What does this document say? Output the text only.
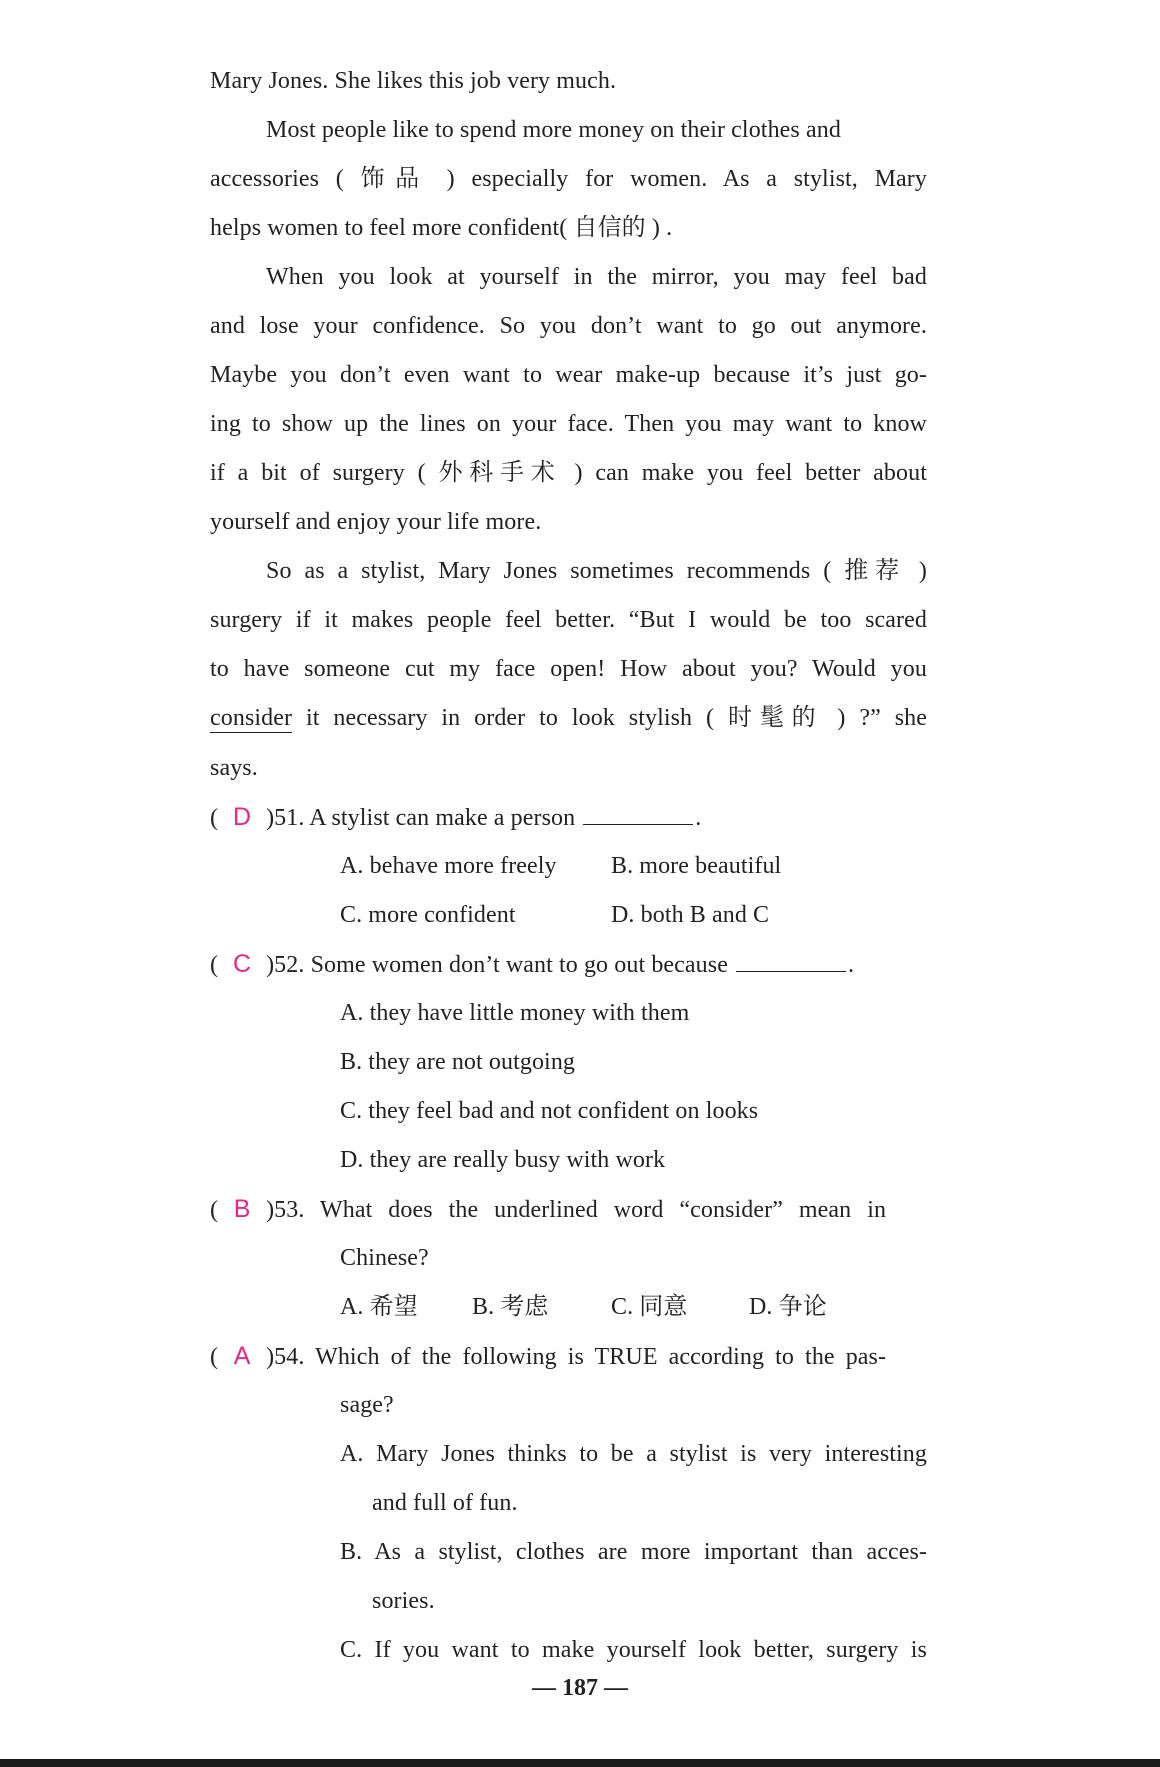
Mary Jones. She likes this job very much.
Most people like to spend more money on their clothes and
accessories ( 饰品 ) especially for women. As a stylist, Mary
helps women to feel more confident( 自信的 ) .
When you look at yourself in the mirror, you may feel bad
and lose your confidence. So you don’t want to go out anymore.
Maybe you don’t even want to wear make-up because it’s just go-
ing to show up the lines on your face. Then you may want to know
if a bit of surgery ( 外科手术 ) can make you feel better about
yourself and enjoy your life more.
So as a stylist, Mary Jones sometimes recommends ( 推荐 )
surgery if it makes people feel better. “But I would be too scared
to have someone cut my face open! How about you? Would you
consider it necessary in order to look stylish ( 时髦的 ) ?” she
says.
( D )51. A stylist can make a person	.
A. behave more freely B. more beautiful
C. more confident	D. both B and C
( C )52. Some women don’t want to go out because	.
A. they have little money with them
B. they are not outgoing
C. they feel bad and not confident on looks
D. they are really busy with work
( B )53. What does the underlined word “consider” mean in
Chinese?
A. 希望 B. 考虑	C. 同意	D. 争论
( A )54. Which of the following is TRUE according to the pas-
sage?
A. Mary Jones thinks to be a stylist is very interesting
and full of fun.
B. As a stylist, clothes are more important than acces-
sories.
C. If you want to make yourself look better, surgery is
— 187 —
